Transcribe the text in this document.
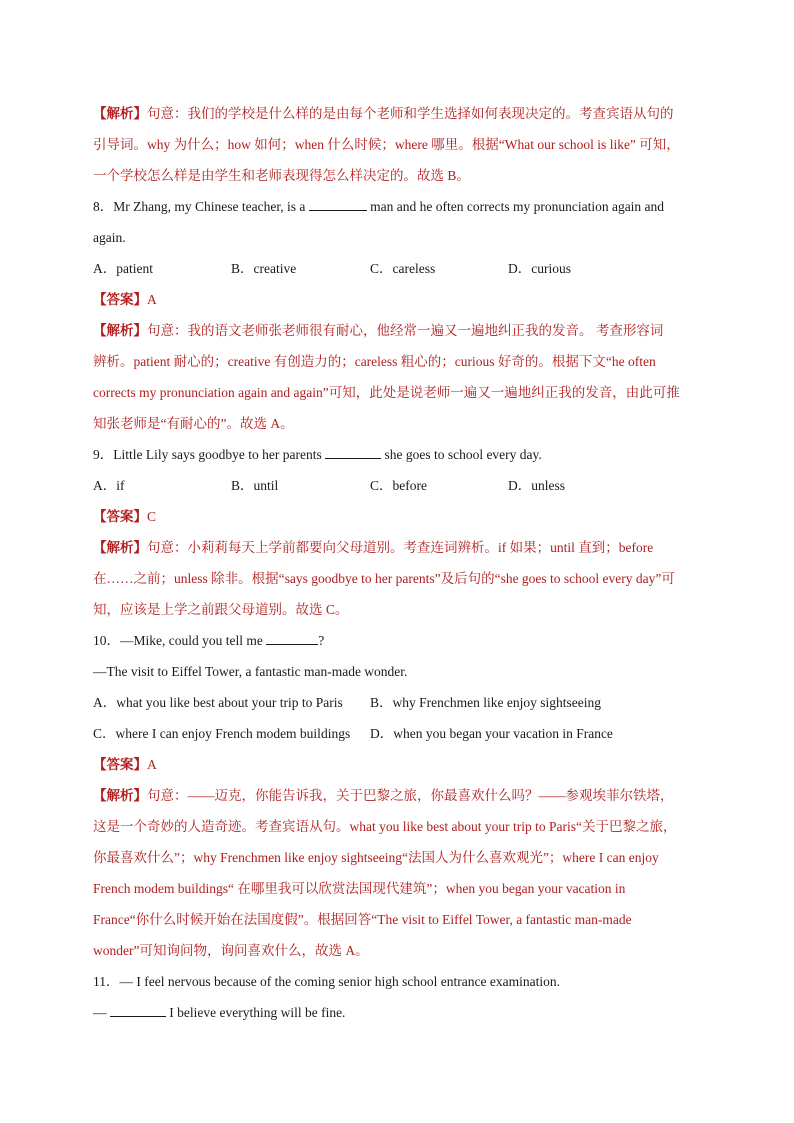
【解析】句意：我们的学校是什么样的是由每个老师和学生选择如何表现决定的。考查宾语从句的
引导词。why 为什么；how 如何；when 什么时候；where 哪里。根据“What our school is like” 可知，
一个学校怎么样是由学生和老师表现得怎么样决定的。故选 B。
8．Mr Zhang, my Chinese teacher, is a	man and he often corrects my pronunciation again and
again.
A．patient	B．creative	C．careless	D．curious
【答案】A
【解析】句意：我的语文老师张老师很有耐心，他经常一遍又一遍地纠正我的发音。 考查形容词
辨析。patient 耐心的；creative 有创造力的；careless 粗心的；curious 好奇的。根据下文“he often
corrects my pronunciation again and again”可知，此处是说老师一遍又一遍地纠正我的发音，由此可推
知张老师是“有耐心的”。故选 A。
9．Little Lily says goodbye to her parents	she goes to school every day.
A．if	B．until	C．before	D．unless
【答案】C
【解析】句意：小莉莉每天上学前都要向父母道别。考查连词辨析。if 如果；until 直到；before
在……之前；unless 除非。根据“says goodbye to her parents”及后句的“she goes to school every day”可
知，应该是上学之前跟父母道别。故选 C。
10．—Mike, could you tell me	?
—The visit to Eiffel Tower, a fantastic man-made wonder.
A．what you like best about your trip to Paris B．why Frenchmen like enjoy sightseeing
C．where I can enjoy French modem buildings D．when you began your vacation in France
【答案】A
【解析】句意：——迈克，你能告诉我，关于巴黎之旅，你最喜欢什么吗？——参观埃菲尔铁塔，
这是一个奇妙的人造奇迹。考查宾语从句。what you like best about your trip to Paris“关于巴黎之旅，
你最喜欢什么”；why Frenchmen like enjoy sightseeing“法国人为什么喜欢观光”；where I can enjoy
French modem buildings“ 在哪里我可以欣赏法国现代建筑”；when you began your vacation in
France“你什么时候开始在法国度假”。根据回答“The visit to Eiffel Tower, a fantastic man-made
wonder”可知询问物，询问喜欢什么，故选 A。
11．— I feel nervous because of the coming senior high school entrance examination.
—	I believe everything will be fine.
